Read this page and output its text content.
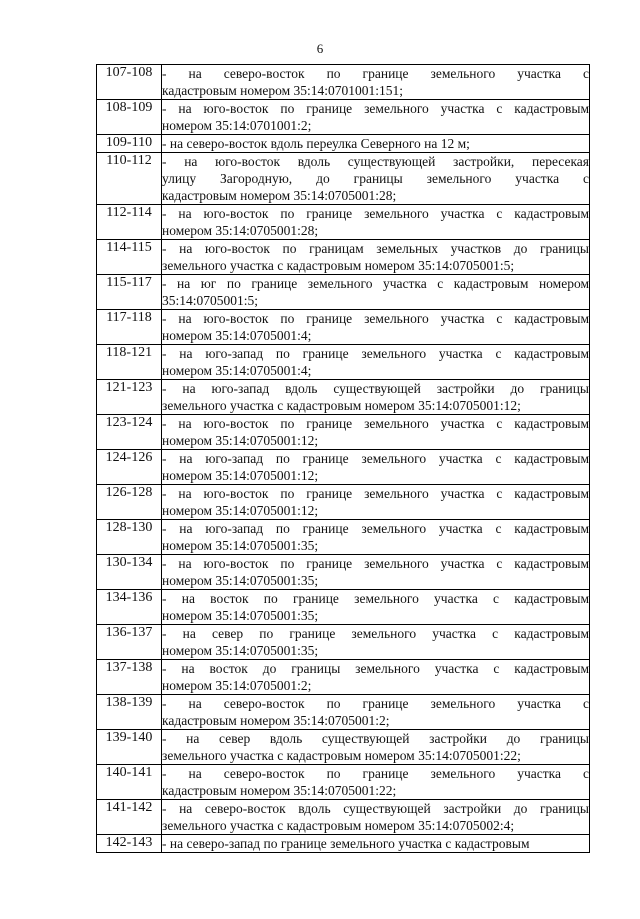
6
107-108	- на северо-восток по границе земельного участка с
кадастровым номером 35:14:0701001:151;

108-109	- на юго-восток по границе земельного участка с кадастровым
номером 35:14:0701001:2;

109-110	- на северо-восток вдоль переулка Северного на 12 м;

110-112	- на юго-восток вдоль существующей застройки, пересекая
улицу Загородную, до границы земельного участка с
кадастровым номером 35:14:0705001:28;

112-114	- на юго-восток по границе земельного участка с кадастровым
номером 35:14:0705001:28;

114-115	- на юго-восток по границам земельных участков до границы
земельного участка с кадастровым номером 35:14:0705001:5;

115-117	- на юг по границе земельного участка с кадастровым номером
35:14:0705001:5;

117-118	- на юго-восток по границе земельного участка с кадастровым
номером 35:14:0705001:4;

118-121	- на юго-запад по границе земельного участка с кадастровым
номером 35:14:0705001:4;

121-123	- на юго-запад вдоль существующей застройки до границы
земельного участка с кадастровым номером 35:14:0705001:12;

123-124	- на юго-восток по границе земельного участка с кадастровым
номером 35:14:0705001:12;

124-126	- на юго-запад по границе земельного участка с кадастровым
номером 35:14:0705001:12;

126-128	- на юго-восток по границе земельного участка с кадастровым
номером 35:14:0705001:12;

128-130	- на юго-запад по границе земельного участка с кадастровым
номером 35:14:0705001:35;

130-134	- на юго-восток по границе земельного участка с кадастровым
номером 35:14:0705001:35;

134-136	- на восток по границе земельного участка с кадастровым
номером 35:14:0705001:35;

136-137	- на север по границе земельного участка с кадастровым
номером 35:14:0705001:35;

137-138	- на восток до границы земельного участка с кадастровым
номером 35:14:0705001:2;

138-139	- на северо-восток по границе земельного участка с
кадастровым номером 35:14:0705001:2;

139-140	- на север вдоль существующей застройки до границы
земельного участка с кадастровым номером 35:14:0705001:22;

140-141	- на северо-восток по границе земельного участка с
кадастровым номером 35:14:0705001:22;

141-142	- на северо-восток вдоль существующей застройки до границы
земельного участка с кадастровым номером 35:14:0705002:4;

142-143	- на северо-запад по границе земельного участка с кадастровым
